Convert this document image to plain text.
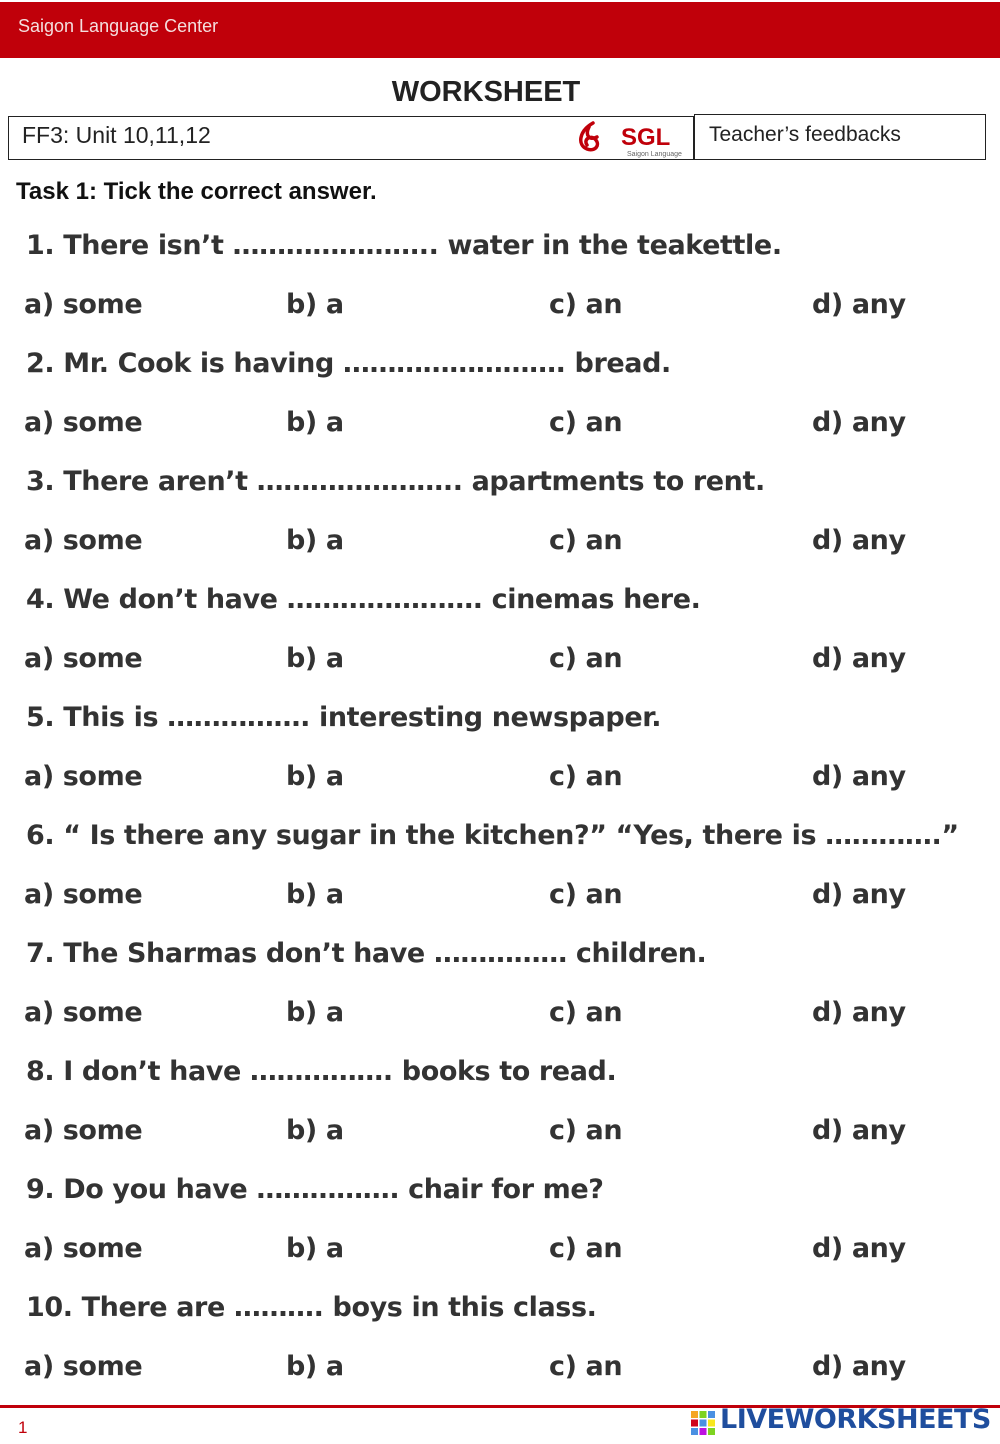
Saigon Language Center
WORKSHEET
FF3: Unit 10,11,12	SGL
Saigon Language
Teacher’s feedbacks
Task 1: Tick the correct answer.
1. There isn’t ………………….. water in the teakettle.
a) some	b) a	c) an	d) any
2. Mr. Cook is having ……………………. bread.
a) some	b) a	c) an	d) any
3. There aren’t ………………….. apartments to rent.
a) some	b) a	c) an	d) any
4. We don’t have …………………. cinemas here.
a) some	b) a	c) an	d) any
5. This is ……………. interesting newspaper.
a) some	b) a	c) an	d) any
6. “ Is there any sugar in the kitchen?” “Yes, there is ………….”
a) some	b) a	c) an	d) any
7. The Sharmas don’t have …………… children.
a) some	b) a	c) an	d) any
8. I don’t have ……………. books to read.
a) some	b) a	c) an	d) any
9. Do you have ……………. chair for me?
a) some	b) a	c) an	d) any
10. There are ………. boys in this class.
a) some	b) a	c) an	d) any
1	LIVEWORKSHEETS
